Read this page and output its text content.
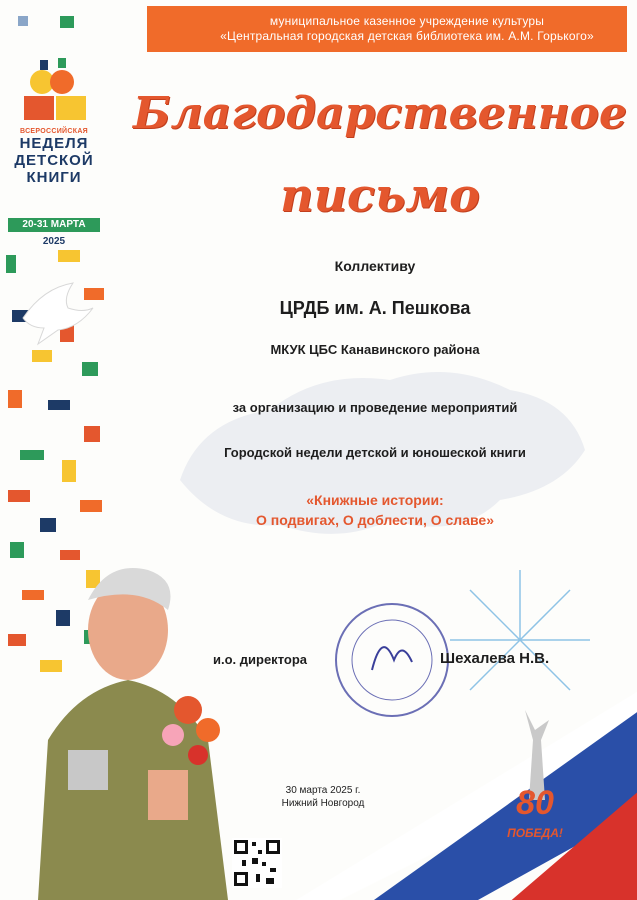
ВСЕРОССИЙСКАЯ
НЕДЕЛЯ
ДЕТСКОЙ
КНИГИ
20-31 МАРТА
2025
муниципальное казенное учреждение культуры
«Центральная городская детская библиотека им. А.М. Горького»
Благодарственное
письмо
Коллективу
ЦРДБ им. А. Пешкова
МКУК ЦБС Канавинского района
за организацию и проведение мероприятий
Городской недели детской и юношеской книги
«Книжные истории:
О подвигах, О доблести, О славе»
и.о. директора	Шехалева Н.В.
80
ПОБЕДА!
30 марта 2025 г.
Нижний Новгород
